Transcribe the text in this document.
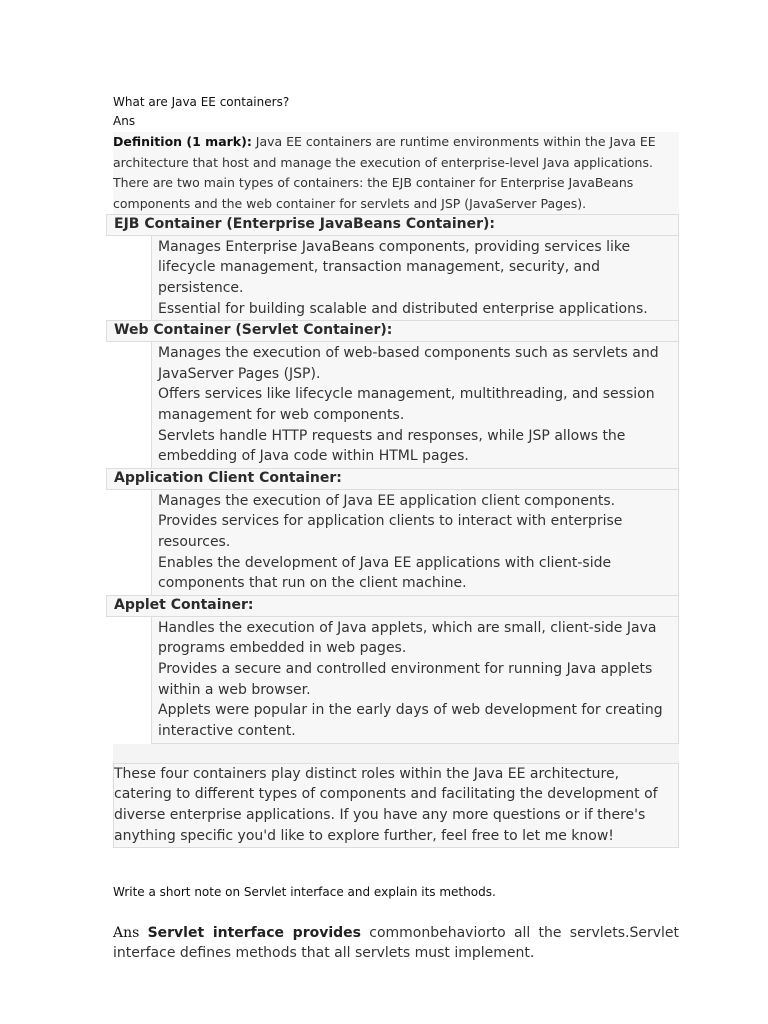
What are Java EE containers?
Ans
Definition (1 mark): Java EE containers are runtime environments within the Java EE architecture that host and manage the execution of enterprise-level Java applications. There are two main types of containers: the EJB container for Enterprise JavaBeans components and the web container for servlets and JSP (JavaServer Pages).
EJB Container (Enterprise JavaBeans Container):
Manages Enterprise JavaBeans components, providing services like lifecycle management, transaction management, security, and persistence.
Essential for building scalable and distributed enterprise applications.
Web Container (Servlet Container):
Manages the execution of web-based components such as servlets and JavaServer Pages (JSP).
Offers services like lifecycle management, multithreading, and session management for web components.
Servlets handle HTTP requests and responses, while JSP allows the embedding of Java code within HTML pages.
Application Client Container:
Manages the execution of Java EE application client components.
Provides services for application clients to interact with enterprise resources.
Enables the development of Java EE applications with client-side components that run on the client machine.
Applet Container:
Handles the execution of Java applets, which are small, client-side Java programs embedded in web pages.
Provides a secure and controlled environment for running Java applets within a web browser.
Applets were popular in the early days of web development for creating interactive content.
These four containers play distinct roles within the Java EE architecture, catering to different types of components and facilitating the development of diverse enterprise applications. If you have any more questions or if there's anything specific you'd like to explore further, feel free to let me know!
Write a short note on Servlet interface and explain its methods.
Ans Servlet interface provides commonbehaviorto all the servlets.Servlet interface defines methods that all servlets must implement.
